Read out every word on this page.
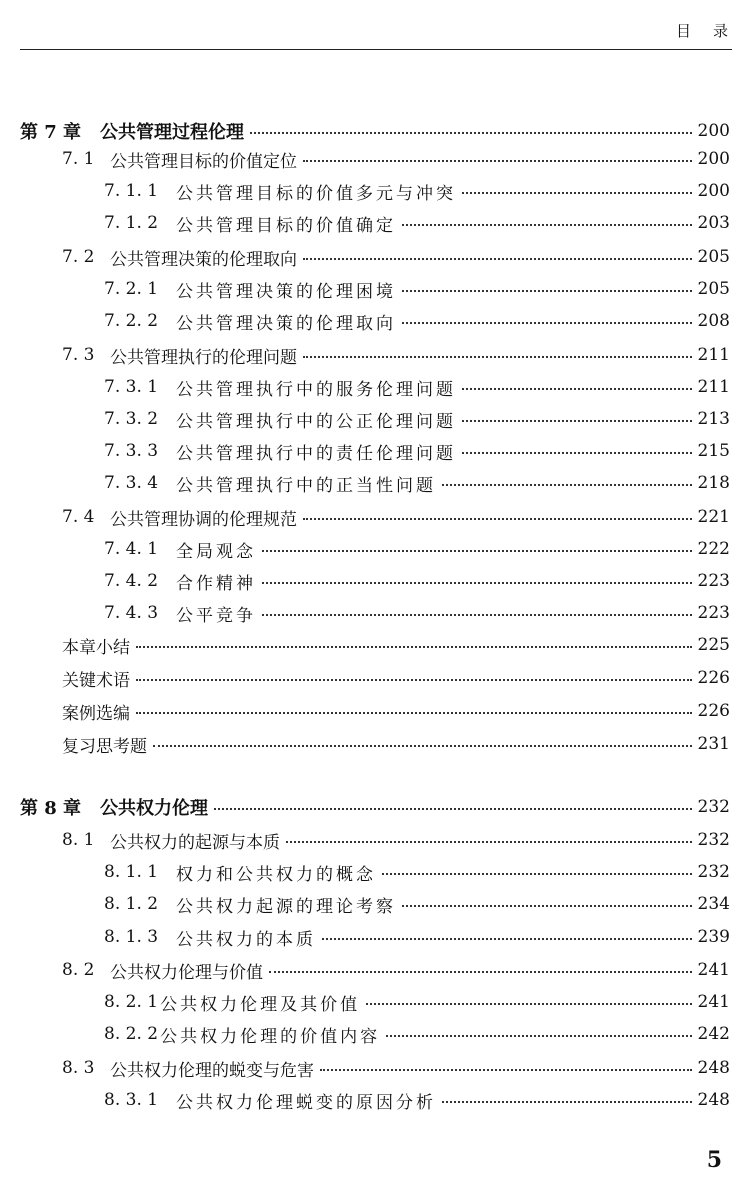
目录
第 7 章	公共管理过程伦理	200
7. 1 公共管理目标的价值定位	200
7. 1. 1	公共管理目标的价值多元与冲突	200
7. 1. 2	公共管理目标的价值确定	203
7. 2 公共管理决策的伦理取向	205
7. 2. 1	公共管理决策的伦理困境	205
7. 2. 2	公共管理决策的伦理取向	208
7. 3 公共管理执行的伦理问题	211
7. 3. 1	公共管理执行中的服务伦理问题	211
7. 3. 2	公共管理执行中的公正伦理问题	213
7. 3. 3	公共管理执行中的责任伦理问题	215
7. 3. 4	公共管理执行中的正当性问题	218
7. 4 公共管理协调的伦理规范	221
7. 4. 1	全局观念	222
7. 4. 2	合作精神	223
7. 4. 3	公平竞争	223
本章小结	225
关键术语	226
案例选编	226
复习思考题	231
第 8 章	公共权力伦理	232
8. 1 公共权力的起源与本质	232
8. 1. 1	权力和公共权力的概念	232
8. 1. 2	公共权力起源的理论考察	234
8. 1. 3	公共权力的本质	239
8. 2 公共权力伦理与价值	241
8. 2. 1 公共权力伦理及其价值	241
8. 2. 2 公共权力伦理的价值内容	242
8. 3 公共权力伦理的蜕变与危害	248
8. 3. 1	公共权力伦理蜕变的原因分析	248
5
